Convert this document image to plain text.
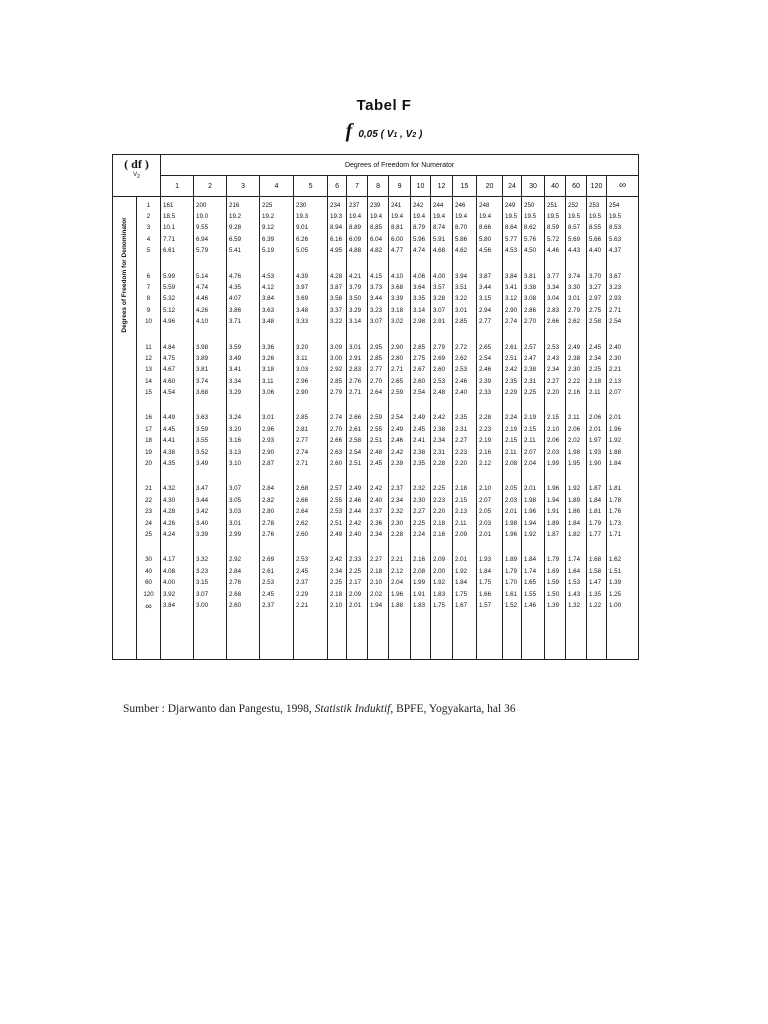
Tabel F
f 0,05 ( V1 , V2 )
( df )
$V_2$		Degrees of Freedom for Numerator																		
		1	2	3	4	5	6	7	8	9	10	12	15	20	24	30	40	60	120	∞

Degrees of Freedom for Denominator	1	161	200	216	225	230	234	237	239	241	242	244	246	248	249	250	251	252	253	254
	2	18.5	19.0	19.2	19.2	19.3	19.3	19.4	19.4	19.4	19.4	19.4	19.4	19.4	19.5	19.5	19.5	19.5	19.5	19.5
	3	10.1	9.55	9.28	9.12	9.01	8.94	8.89	8.85	8.81	8.79	8.74	8.70	8.66	8.64	8.62	8.59	8.57	8.55	8.53
	4	7.71	6.94	6.59	6.39	6.26	6.16	6.09	6.04	6.00	5.96	5.91	5.86	5.80	5.77	5.76	5.72	5.69	5.66	5.63
	5	6.61	5.79	5.41	5.19	5.05	4.95	4.88	4.82	4.77	4.74	4.68	4.62	4.56	4.53	4.50	4.46	4.43	4.40	4.37

	6	5.99	5.14	4.76	4.53	4.39	4.28	4.21	4.15	4.10	4.06	4.00	3.94	3.87	3.84	3.81	3.77	3.74	3.70	3.67
	7	5.59	4.74	4.35	4.12	3.97	3.87	3.79	3.73	3.68	3.64	3.57	3.51	3.44	3.41	3.38	3.34	3.30	3.27	3.23
	8	5.32	4.46	4.07	3.84	3.69	3.58	3.50	3.44	3.39	3.35	3.28	3.22	3.15	3.12	3.08	3.04	3.01	2.97	2.93
	9	5.12	4.26	3.86	3.63	3.48	3.37	3.29	3.23	3.18	3.14	3.07	3.01	2.94	2.90	2.86	2.83	2.79	2.75	2.71
	10	4.96	4.10	3.71	3.48	3.33	3.22	3.14	3.07	3.02	2.98	2.91	2.85	2.77	2.74	2.70	2.66	2.62	2.58	2.54

	11	4.84	3.98	3.59	3.36	3.20	3.09	3.01	2.95	2.90	2.85	2.79	2.72	2.65	2.61	2.57	2.53	2.49	2.45	2.40
	12	4.75	3.89	3.49	3.26	3.11	3.00	2.91	2.85	2.80	2.75	2.69	2.62	2.54	2.51	2.47	2.43	2.38	2.34	2.30
	13	4.67	3.81	3.41	3.18	3.03	2.92	2.83	2.77	2.71	2.67	2.60	2.53	2.46	2.42	2.38	2.34	2.30	2.25	2.21
	14	4.60	3.74	3.34	3.11	2.96	2.85	2.76	2.70	2.65	2.60	2.53	2.46	2.39	2.35	2.31	2.27	2.22	2.18	2.13
	15	4.54	3.68	3.29	3.06	2.90	2.79	2.71	2.64	2.59	2.54	2.48	2.40	2.33	2.29	2.25	2.20	2.16	2.11	2.07

	16	4.49	3.63	3.24	3.01	2.85	2.74	2.66	2.59	2.54	2.49	2.42	2.35	2.28	2.24	2.19	2.15	2.11	2.06	2.01
	17	4.45	3.59	3.20	2.96	2.81	2.70	2.61	2.55	2.49	2.45	2.38	2.31	2.23	2.19	2.15	2.10	2.06	2.01	1.96
	18	4.41	3.55	3.16	2.93	2.77	2.66	2.58	2.51	2.46	2.41	2.34	2.27	2.19	2.15	2.11	2.06	2.02	1.97	1.92
	19	4.38	3.52	3.13	2.90	2.74	2.63	2.54	2.48	2.42	2.38	2.31	2.23	2.16	2.11	2.07	2.03	1.98	1.93	1.88
	20	4.35	3.49	3.10	2.87	2.71	2.60	2.51	2.45	2.39	2.35	2.28	2.20	2.12	2.08	2.04	1.99	1.95	1.90	1.84

	21	4.32	3.47	3.07	2.84	2.68	2.57	2.49	2.42	2.37	2.32	2.25	2.18	2.10	2.05	2.01	1.96	1.92	1.87	1.81
	22	4.30	3.44	3.05	2.82	2.66	2.55	2.46	2.40	2.34	2.30	2.23	2.15	2.07	2.03	1.98	1.94	1.89	1.84	1.78
	23	4.28	3.42	3.03	2.80	2.64	2.53	2.44	2.37	2.32	2.27	2.20	2.13	2.05	2.01	1.96	1.91	1.86	1.81	1.76
	24	4.26	3.40	3.01	2.78	2.62	2.51	2.42	2.36	2.30	2.25	2.18	2.11	2.03	1.98	1.94	1.89	1.84	1.79	1.73
	25	4.24	3.39	2.99	2.76	2.60	2.49	2.40	2.34	2.28	2.24	2.16	2.09	2.01	1.96	1.92	1.87	1.82	1.77	1.71

	30	4.17	3.32	2.92	2.69	2.53	2.42	2.33	2.27	2.21	2.16	2.09	2.01	1.93	1.89	1.84	1.79	1.74	1.68	1.62
	40	4.08	3.23	2.84	2.61	2.45	2.34	2.25	2.18	2.12	2.08	2.00	1.92	1.84	1.79	1.74	1.69	1.64	1.58	1.51
	60	4.00	3.15	2.76	2.53	2.37	2.25	2.17	2.10	2.04	1.99	1.92	1.84	1.75	1.70	1.65	1.59	1.53	1.47	1.39
	120	3.92	3.07	2.68	2.45	2.29	2.18	2.09	2.02	1.96	1.91	1.83	1.75	1.66	1.61	1.55	1.50	1.43	1.35	1.25
	∞	3.84	3.00	2.60	2.37	2.21	2.10	2.01	1.94	1.88	1.83	1.75	1.67	1.57	1.52	1.46	1.39	1.32	1.22	1.00

Sumber : Djarwanto dan Pangestu, 1998, Statistik Induktif, BPFE, Yogyakarta, hal 36
